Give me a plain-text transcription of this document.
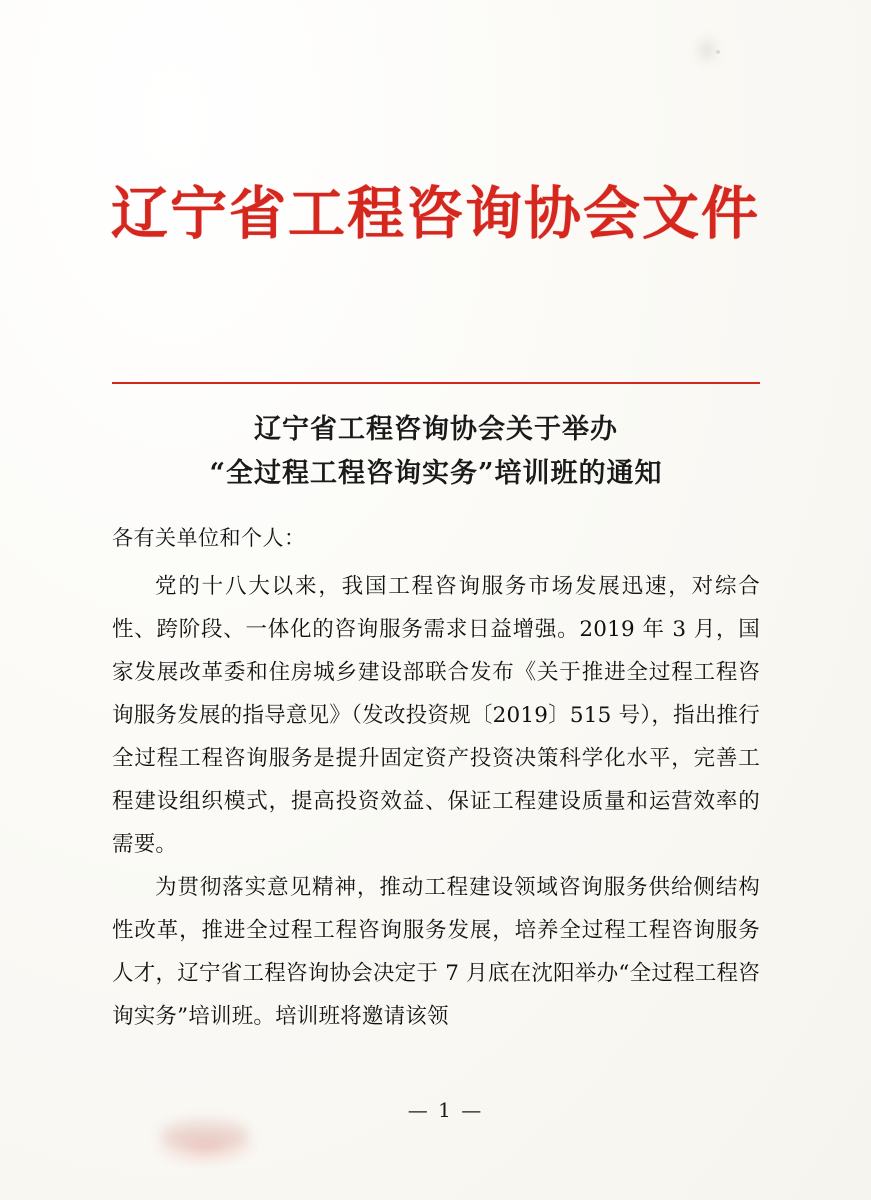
辽宁省工程咨询协会文件
辽宁省工程咨询协会关于举办
“全过程工程咨询实务”培训班的通知
各有关单位和个人：

党的十八大以来，我国工程咨询服务市场发展迅速，对综合性、跨阶段、一体化的咨询服务需求日益增强。2019 年 3 月，国家发展改革委和住房城乡建设部联合发布《关于推进全过程工程咨询服务发展的指导意见》（发改投资规〔2019〕515 号），指出推行全过程工程咨询服务是提升固定资产投资决策科学化水平，完善工程建设组织模式，提高投资效益、保证工程建设质量和运营效率的需要。

为贯彻落实意见精神，推动工程建设领域咨询服务供给侧结构性改革，推进全过程工程咨询服务发展，培养全过程工程咨询服务人才，辽宁省工程咨询协会决定于 7 月底在沈阳举办“全过程工程咨询实务”培训班。培训班将邀请该领

— 1 —
